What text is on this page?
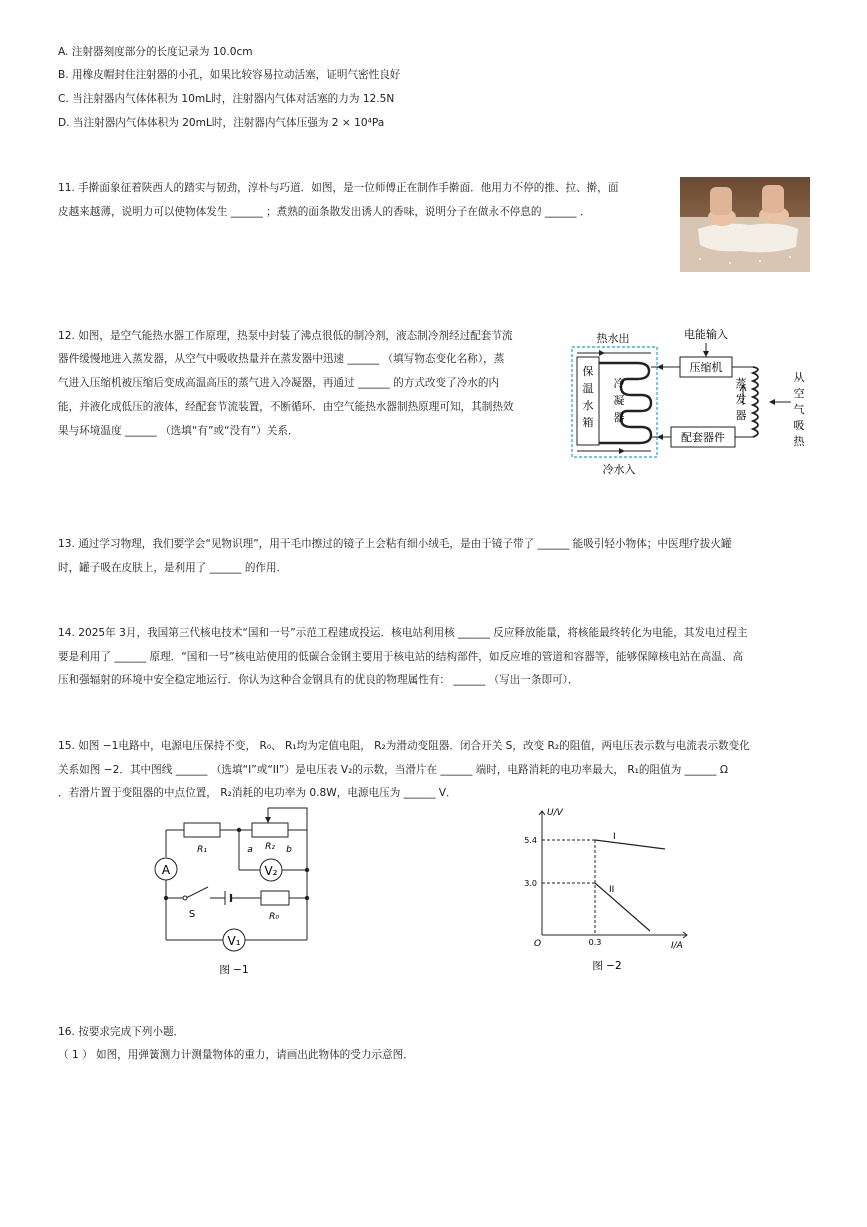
A. 注射器刻度部分的长度记录为 10.0cm
B. 用橡皮帽封住注射器的小孔，如果比较容易拉动活塞，证明气密性良好
C. 当注射器内气体体积为 10mL时，注射器内气体对活塞的力为 12.5N
D. 当注射器内气体体积为 20mL时，注射器内气体压强为 2 × 10⁴Pa
11. 手擀面象征着陕西人的踏实与韧劲，淳朴与巧道．如图，是一位师傅正在制作手擀面．他用力不停的推、拉、擀，面
皮越来越薄，说明力可以使物体发生 ______ ；煮熟的面条散发出诱人的香味，说明分子在做永不停息的 ______ ．
12. 如图，是空气能热水器工作原理，热泵中封装了沸点很低的制冷剂，液态制冷剂经过配套节流
器件缓慢地进入蒸发器，从空气中吸收热量并在蒸发器中迅速 ______ （填写物态变化名称），蒸
气进入压缩机被压缩后变成高温高压的蒸气进入冷凝器，再通过 ______ 的方式改变了冷水的内
能，并液化成低压的液体，经配套节流装置，不断循环．由空气能热水器制热原理可知，其制热效
果与环境温度 ______ （选填“有”或“没有”）关系．
保
温
水
箱
冷
凝
器
热水出
冷水入
压缩机
电能输入
配套器件
蒸
发
器
从
空
气
吸
热
13. 通过学习物理，我们要学会“见物识理”，用干毛巾擦过的镜子上会粘有细小绒毛，是由于镜子带了 ______ 能吸引轻小物体；中医理疗拔火罐
时，罐子吸在皮肤上，是利用了 ______ 的作用．
14. 2025年 3月，我国第三代核电技术“国和一号”示范工程建成投运．核电站利用核 ______ 反应释放能量，将核能最终转化为电能，其发电过程主
要是利用了 ______ 原理．“国和一号”核电站使用的低碳合金钢主要用于核电站的结构部件，如反应堆的管道和容器等，能够保障核电站在高温、高
压和强辐射的环境中安全稳定地运行．你认为这种合金钢具有的优良的物理属性有： ______ （写出一条即可）．
15. 如图 −1电路中，电源电压保持不变， R₀、 R₁均为定值电阻， R₂为滑动变阻器．闭合开关 S，改变 R₂的阻值，两电压表示数与电流表示数变化
关系如图 −2．其中图线 ______ （选填“I”或“II”）是电压表 V₂的示数，当滑片在 ______ 端时，电路消耗的电功率最大， R₁的阻值为 ______ Ω
．若滑片置于变阻器的中点位置， R₂消耗的电功率为 0.8W，电源电压为 ______ V．
R₁	a R₂ b
A	V₂
S	R₀
V₁
图 −1
U/V
I/A
O
5.4
3.0
0.3
I
II
图 −2
16. 按要求完成下列小题．
（ 1 ） 如图，用弹簧测力计测量物体的重力，请画出此物体的受力示意图．
